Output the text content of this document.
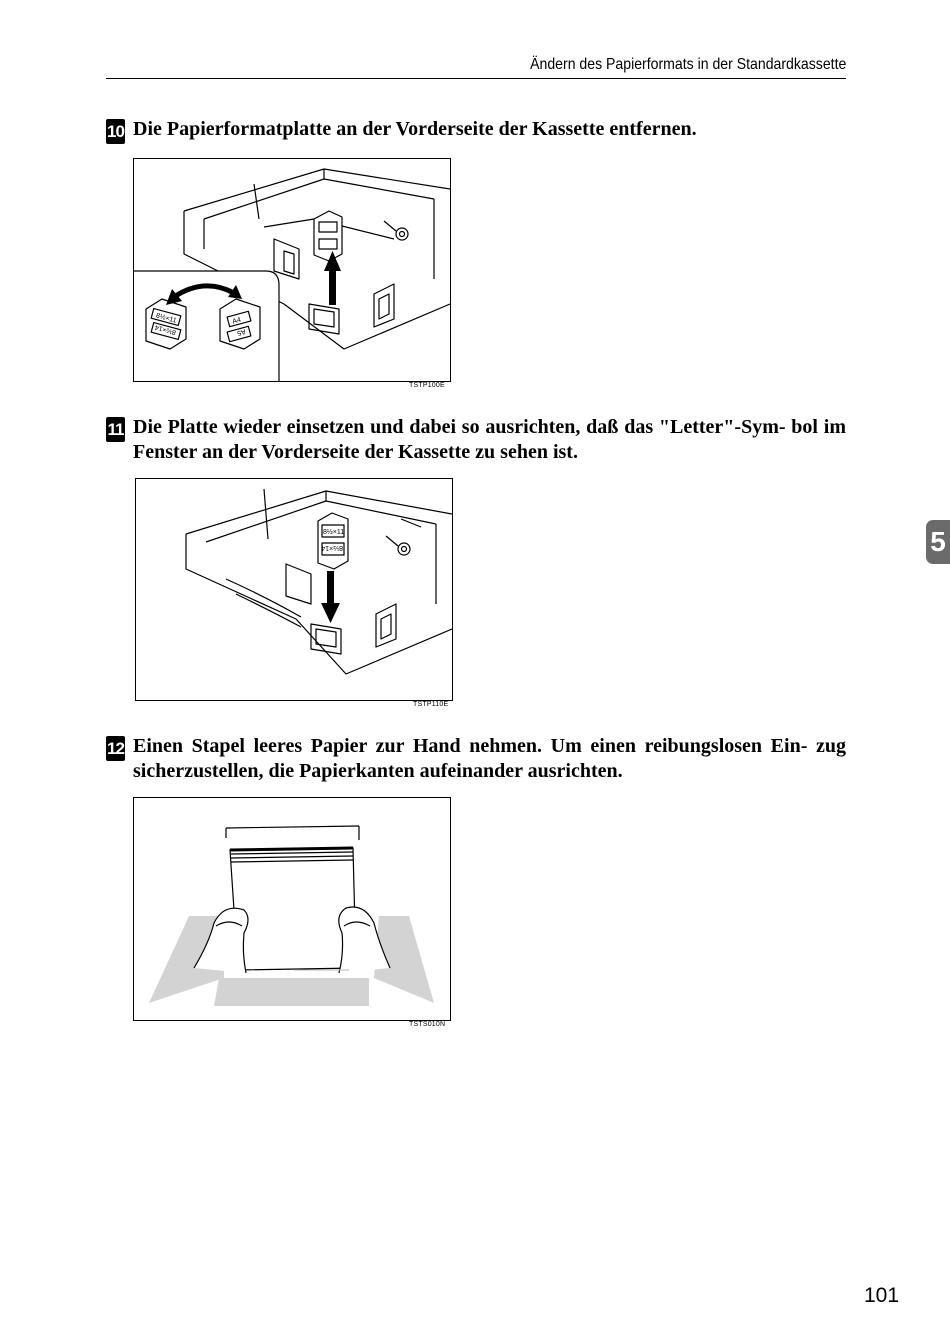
Ändern des Papierformats in der Standardkassette
10 Die Papierformatplatte an der Vorderseite der Kassette entfernen.
8½×11
8½×14
A4
A5
TSTP100E
11 Die Platte wieder einsetzen und dabei so ausrichten, daß das "Letter"-Sym- bol im Fenster an der Vorderseite der Kassette zu sehen ist.
8½×11
8½×14
TSTP110E
12 Einen Stapel leeres Papier zur Hand nehmen. Um einen reibungslosen Ein- zug sicherzustellen, die Papierkanten aufeinander ausrichten.
TSTS010N
5
101
